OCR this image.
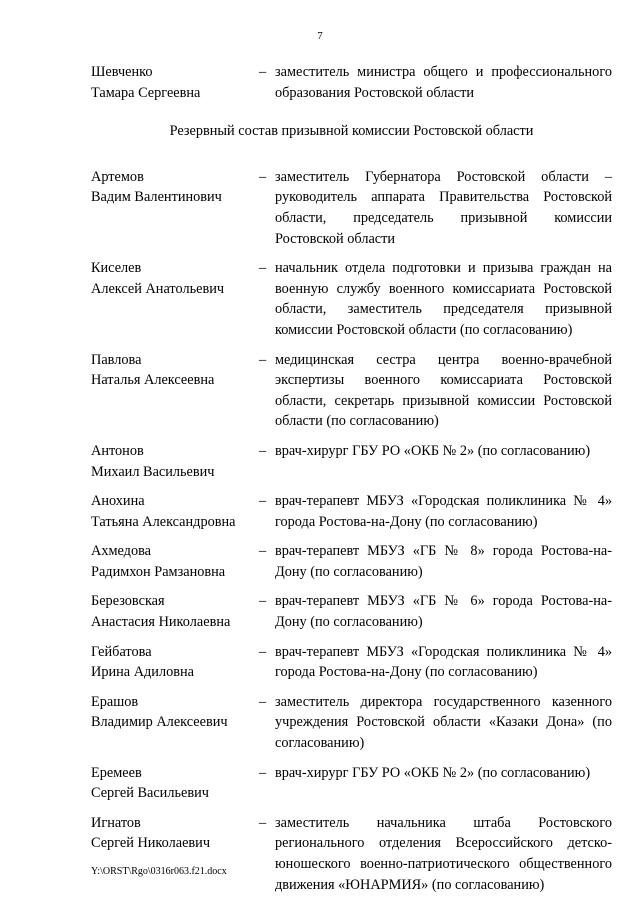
7
Шевченко
Тамара Сергеевна
– заместитель министра общего и профессионального образования Ростовской области
Резервный состав призывной комиссии Ростовской области
Артемов
Вадим Валентинович
– заместитель Губернатора Ростовской области – руководитель аппарата Правительства Ростовской области, председатель призывной комиссии Ростовской области
Киселев
Алексей Анатольевич
– начальник отдела подготовки и призыва граждан на военную службу военного комиссариата Ростовской области, заместитель председателя призывной комиссии Ростовской области (по согласованию)
Павлова
Наталья Алексеевна
– медицинская сестра центра военно-врачебной экспертизы военного комиссариата Ростовской области, секретарь призывной комиссии Ростовской области (по согласованию)
Антонов
Михаил Васильевич
– врач-хирург ГБУ РО «ОКБ № 2» (по согласованию)
Анохина
Татьяна Александровна
– врач-терапевт МБУЗ «Городская поликлиника № 4» города Ростова-на-Дону (по согласованию)
Ахмедова
Радимхон Рамзановна
– врач-терапевт МБУЗ «ГБ № 8» города Ростова-на-Дону (по согласованию)
Березовская
Анастасия Николаевна
– врач-терапевт МБУЗ «ГБ № 6» города Ростова-на-Дону (по согласованию)
Гейбатова
Ирина Адиловна
– врач-терапевт МБУЗ «Городская поликлиника № 4» города Ростова-на-Дону (по согласованию)
Ерашов
Владимир Алексеевич
– заместитель директора государственного казенного учреждения Ростовской области «Казаки Дона» (по согласованию)
Еремеев
Сергей Васильевич
– врач-хирург ГБУ РО «ОКБ № 2» (по согласованию)
Игнатов
Сергей Николаевич
– заместитель начальника штаба Ростовского регионального отделения Всероссийского детско-юношеского военно-патриотического общественного движения «ЮНАРМИЯ» (по согласованию)
Y:\ORST\Rgo\0316r063.f21.docx
